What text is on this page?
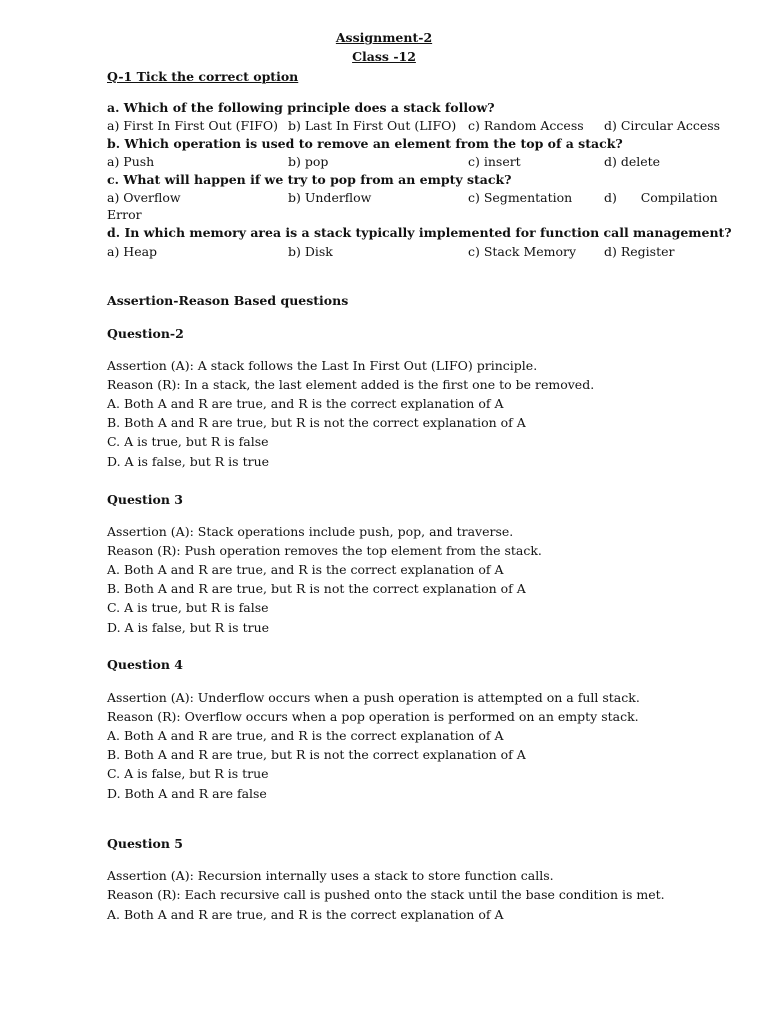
Assignment-2
Class -12
Q-1 Tick the correct option
a. Which of the following principle does a stack follow?
a) First In First Out (FIFO) b) Last In First Out (LIFO) c) Random Access d) Circular Access
b. Which operation is used to remove an element from the top of a stack?
a) Push	b) pop	c) insert	d) delete
c. What will happen if we try to pop from an empty stack?
a) Overflow	b) Underflow	c) Segmentation	d)      Compilation
Error
d. In which memory area is a stack typically implemented for function call management?
a) Heap	b) Disk	c) Stack Memory d) Register
Assertion-Reason Based questions
Question-2
Assertion (A): A stack follows the Last In First Out (LIFO) principle.
Reason (R): In a stack, the last element added is the first one to be removed.
A. Both A and R are true, and R is the correct explanation of A
B. Both A and R are true, but R is not the correct explanation of A
C. A is true, but R is false
D. A is false, but R is true
Question 3
Assertion (A): Stack operations include push, pop, and traverse.
Reason (R): Push operation removes the top element from the stack.
A. Both A and R are true, and R is the correct explanation of A
B. Both A and R are true, but R is not the correct explanation of A
C. A is true, but R is false
D. A is false, but R is true
Question 4
Assertion (A): Underflow occurs when a push operation is attempted on a full stack.
Reason (R): Overflow occurs when a pop operation is performed on an empty stack.
A. Both A and R are true, and R is the correct explanation of A
B. Both A and R are true, but R is not the correct explanation of A
C. A is false, but R is true
D. Both A and R are false
Question 5
Assertion (A): Recursion internally uses a stack to store function calls.
Reason (R): Each recursive call is pushed onto the stack until the base condition is met.
A. Both A and R are true, and R is the correct explanation of A
